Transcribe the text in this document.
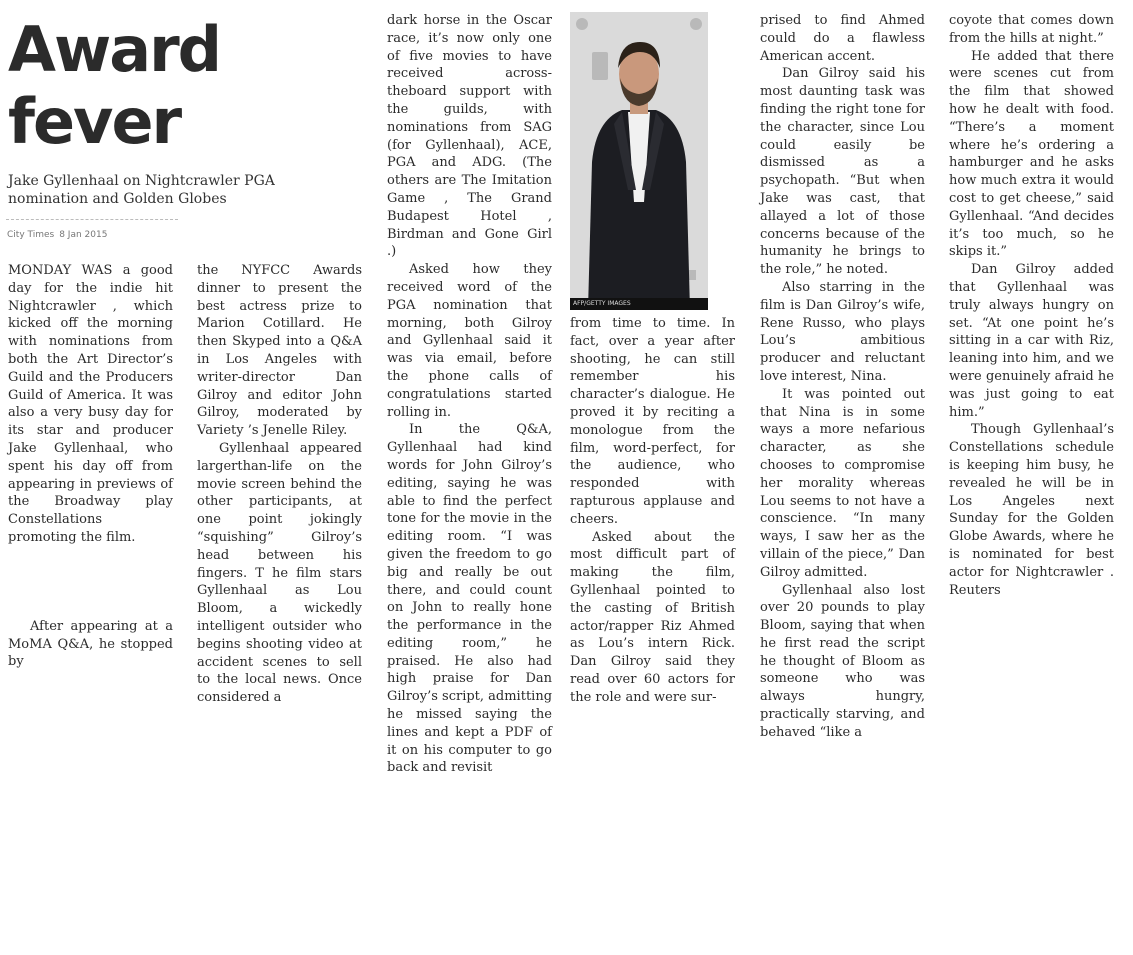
Award
fever
Jake Gyllenhaal on Nightcrawler PGA nomination and Golden Globes

City Times 8 Jan 2015

MONDAY WAS a good day for the indie hit Nightcrawler , which kicked off the morning with nominations from both the Art Director’s Guild and the Producers Guild of America. It was also a very busy day for its star and producer Jake Gyllenhaal, who spent his day off from appearing in previews of the Broadway play Constellations promoting the film.

After appearing at a MoMA Q&A, he stopped by

the NYFCC Awards dinner to present the best actress prize to Marion Cotillard. He then Skyped into a Q&A in Los Angeles with writer-director Dan Gilroy and editor John Gilroy, moderated by Variety ’s Jenelle Riley.

Gyllenhaal appeared largerthan-life on the movie screen behind the other participants, at one point jokingly “squishing” Gilroy’s head between his fingers. T he film stars Gyllenhaal as Lou Bloom, a wickedly intelligent outsider who begins shooting video at accident scenes to sell to the local news. Once considered a

dark horse in the Oscar race, it’s now only one of five movies to have received across-theboard support with the guilds, with nominations from SAG (for Gyllenhaal), ACE, PGA and ADG. (The others are The Imitation Game , The Grand Budapest Hotel , Birdman and Gone Girl .)

Asked how they received word of the PGA nomination that morning, both Gilroy and Gyllenhaal said it was via email, before the phone calls of congratulations started rolling in.

In the Q&A, Gyllenhaal had kind words for John Gilroy’s editing, saying he was able to find the perfect tone for the movie in the editing room. “I was given the freedom to go big and really be out there, and could count on John to really hone the performance in the editing room,” he praised. He also had high praise for Dan Gilroy’s script, admitting he missed saying the lines and kept a PDF of it on his computer to go back and revisit

AFP/GETTY IMAGES

from time to time. In fact, over a year after shooting, he can still remember his character’s dialogue. He proved it by reciting a monologue from the film, word-perfect, for the audience, who responded with rapturous applause and cheers.

Asked about the most difficult part of making the film, Gyllenhaal pointed to the casting of British actor/rapper Riz Ahmed as Lou’s intern Rick. Dan Gilroy said they read over 60 actors for the role and were sur-

prised to find Ahmed could do a flawless American accent.

Dan Gilroy said his most daunting task was finding the right tone for the character, since Lou could easily be dismissed as a psychopath. “But when Jake was cast, that allayed a lot of those concerns because of the humanity he brings to the role,” he noted.

Also starring in the film is Dan Gilroy’s wife, Rene Russo, who plays Lou’s ambitious producer and reluctant love interest, Nina.

It was pointed out that Nina is in some ways a more nefarious character, as she chooses to compromise her morality whereas Lou seems to not have a conscience. “In many ways, I saw her as the villain of the piece,” Dan Gilroy admitted.

Gyllenhaal also lost over 20 pounds to play Bloom, saying that when he first read the script he thought of Bloom as someone who was always hungry, practically starving, and behaved “like a

coyote that comes down from the hills at night.”

He added that there were scenes cut from the film that showed how he dealt with food. “There’s a moment where he’s ordering a hamburger and he asks how much extra it would cost to get cheese,” said Gyllenhaal. “And decides it’s too much, so he skips it.”

Dan Gilroy added that Gyllenhaal was truly always hungry on set. “At one point he’s sitting in a car with Riz, leaning into him, and we were genuinely afraid he was just going to eat him.”

Though Gyllenhaal’s Constellations schedule is keeping him busy, he revealed he will be in Los Angeles next Sunday for the Golden Globe Awards, where he is nominated for best actor for Nightcrawler . Reuters
